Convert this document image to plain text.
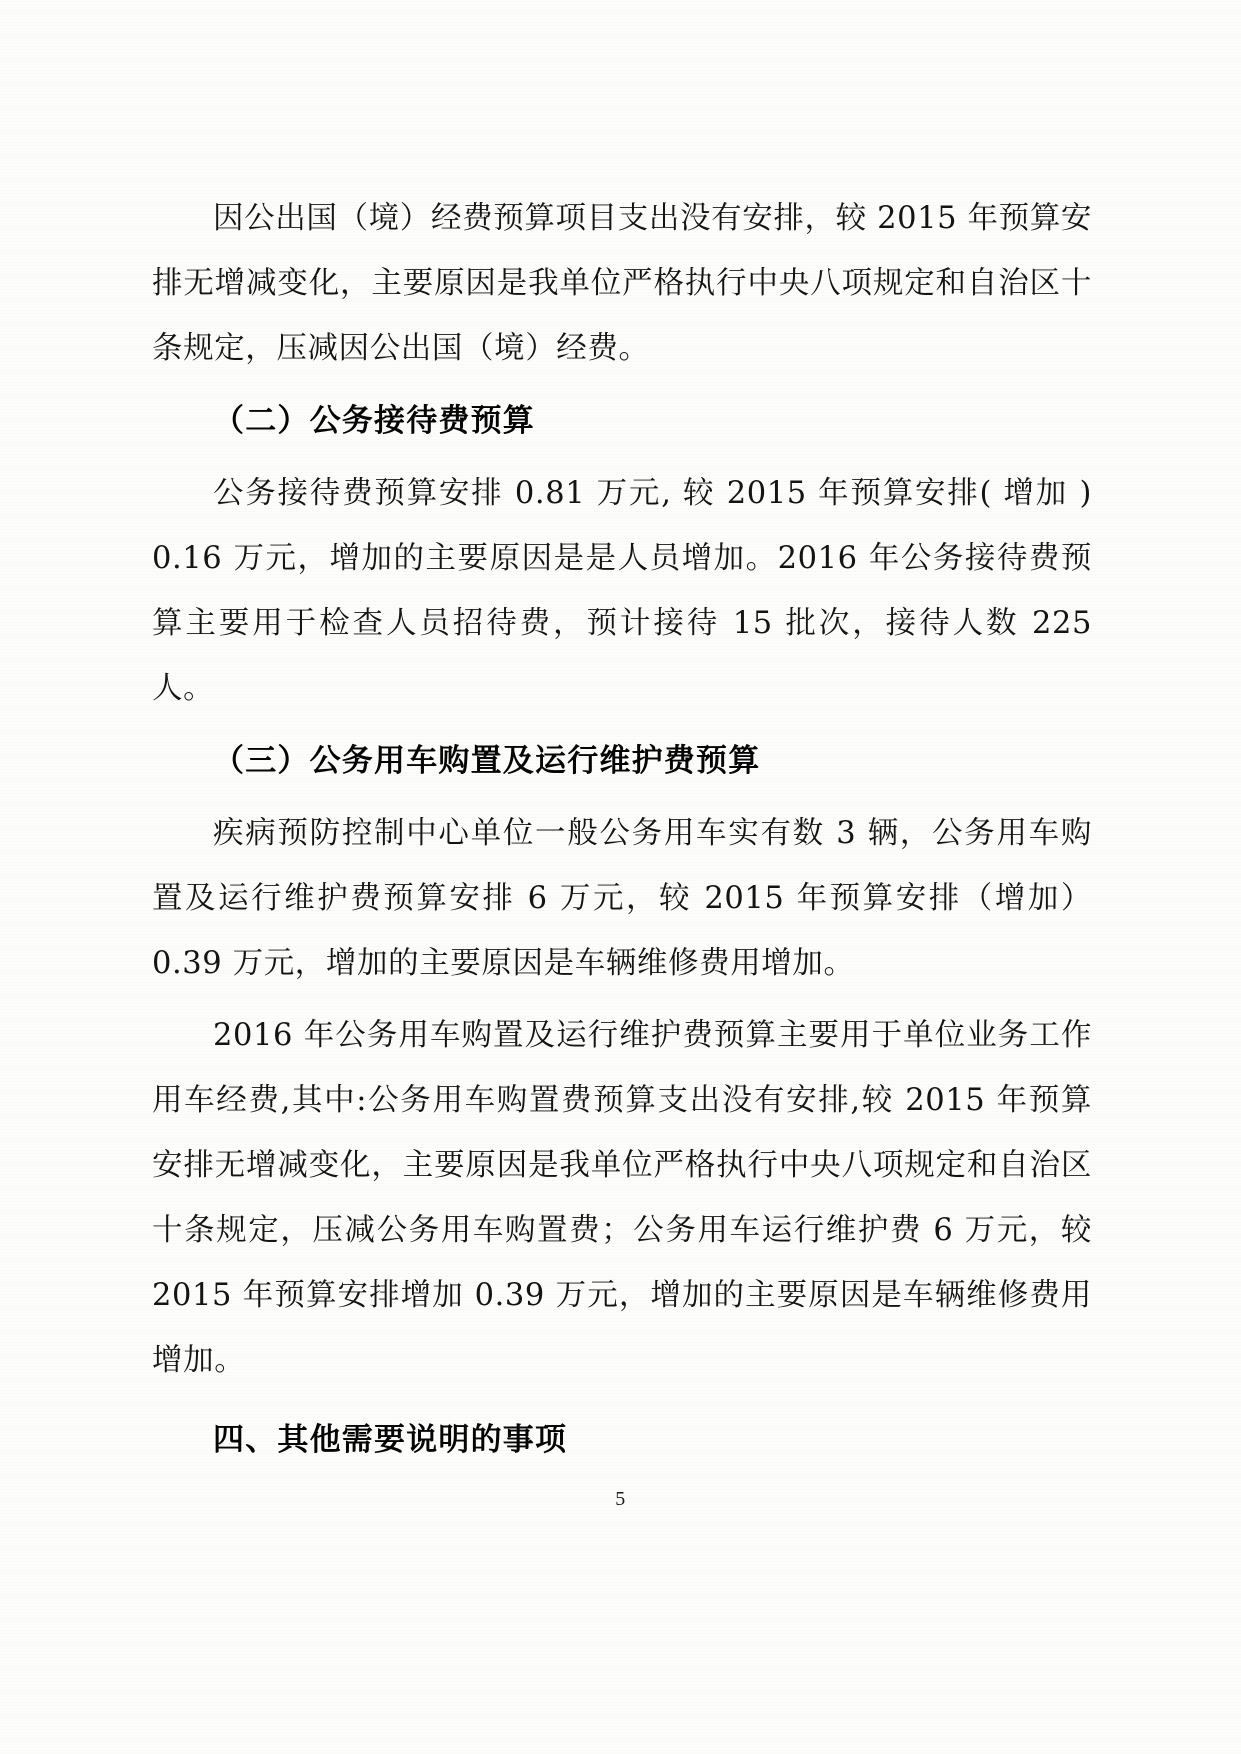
因公出国（境）经费预算项目支出没有安排，较 2015 年预算安排无增减变化，主要原因是我单位严格执行中央八项规定和自治区十条规定，压减因公出国（境）经费。

（二）公务接待费预算

公务接待费预算安排 0.81 万元, 较 2015 年预算安排( 增加 ) 0.16 万元，增加的主要原因是是人员增加。2016 年公务接待费预算主要用于检查人员招待费，预计接待 15 批次，接待人数 225 人。

（三）公务用车购置及运行维护费预算

疾病预防控制中心单位一般公务用车实有数 3 辆，公务用车购置及运行维护费预算安排 6 万元，较 2015 年预算安排（增加）0.39 万元，增加的主要原因是车辆维修费用增加。

2016 年公务用车购置及运行维护费预算主要用于单位业务工作用车经费,其中:公务用车购置费预算支出没有安排,较 2015 年预算安排无增减变化，主要原因是我单位严格执行中央八项规定和自治区十条规定，压减公务用车购置费；公务用车运行维护费 6 万元，较 2015 年预算安排增加 0.39 万元，增加的主要原因是车辆维修费用增加。

四、其他需要说明的事项
5
